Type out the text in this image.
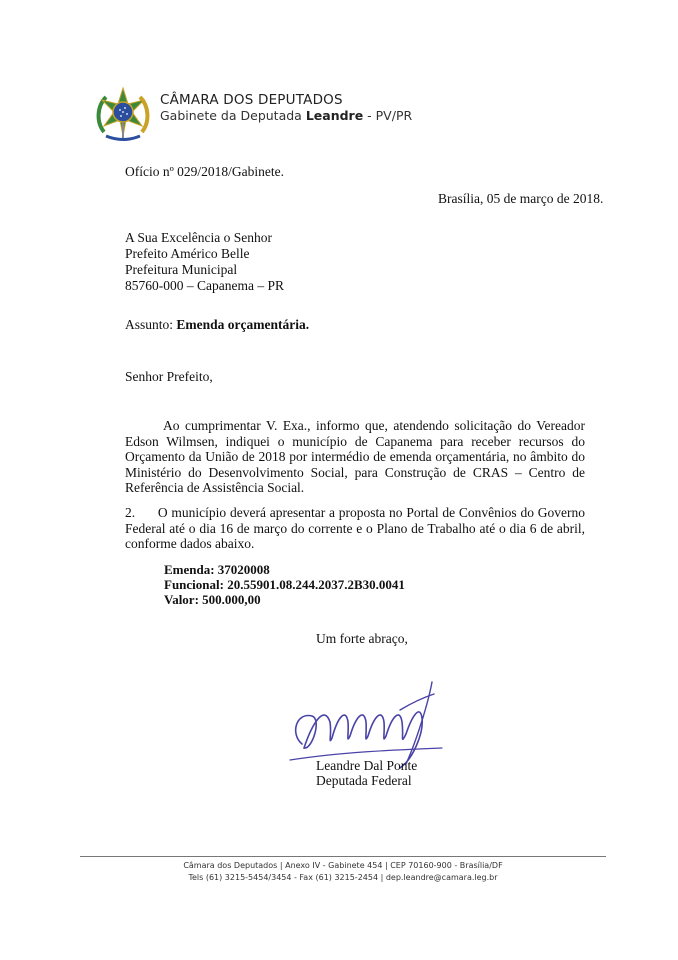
CÂMARA DOS DEPUTADOS
Gabinete da Deputada Leandre - PV/PR
Ofício nº 029/2018/Gabinete.
Brasília, 05 de março de 2018.
A Sua Excelência o Senhor
Prefeito Américo Belle
Prefeitura Municipal
85760-000 – Capanema – PR
Assunto: Emenda orçamentária.
Senhor Prefeito,
Ao cumprimentar V. Exa., informo que, atendendo solicitação do Vereador Edson Wilmsen, indiquei o município de Capanema para receber recursos do Orçamento da União de 2018 por intermédio de emenda orçamentária, no âmbito do Ministério do Desenvolvimento Social, para Construção de CRAS – Centro de Referência de Assistência Social.
2.      O município deverá apresentar a proposta no Portal de Convênios do Governo Federal até o dia 16 de março do corrente e o Plano de Trabalho até o dia 6 de abril, conforme dados abaixo.
Emenda: 37020008
Funcional: 20.55901.08.244.2037.2B30.0041
Valor: 500.000,00
Um forte abraço,
Leandre Dal Ponte
Deputada Federal
Câmara dos Deputados | Anexo IV - Gabinete 454 | CEP 70160-900 - Brasília/DF
Tels (61) 3215-5454/3454 - Fax (61) 3215-2454 | dep.leandre@camara.leg.br
